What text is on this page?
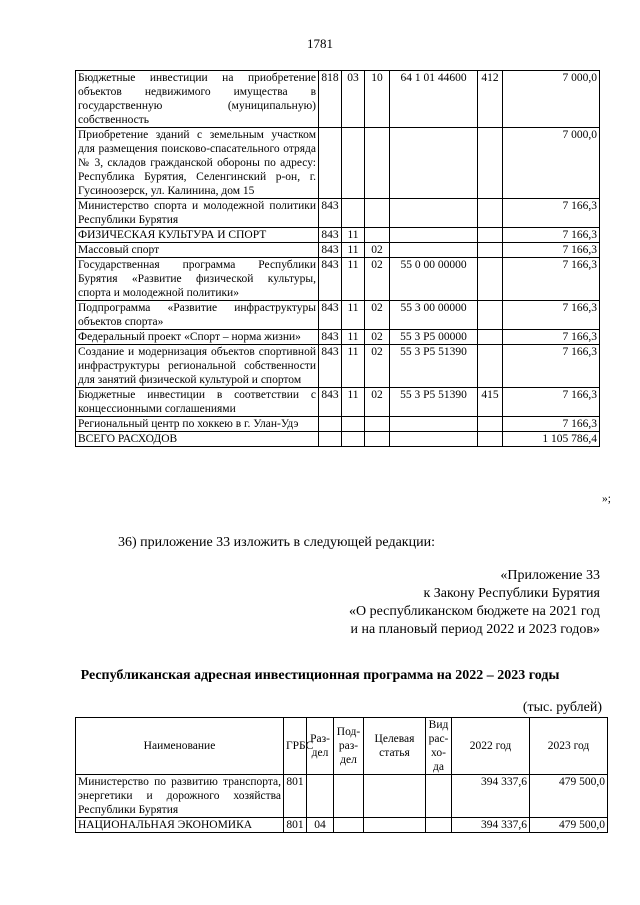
1781
Бюджетные инвестиции на приобретение объектов недвижимого имущества в государственную (муниципальную) собственность	818	03	10	64 1 01 44600	412	7 000,0
Приобретение зданий с земельным участком для размещения поисково-спасательного отряда № 3, складов гражданской обороны по адресу: Республика Бурятия, Селенгинский р-он, г. Гусиноозерск, ул. Калинина, дом 15						7 000,0
Министерство спорта и молодежной политики Республики Бурятия	843					7 166,3
ФИЗИЧЕСКАЯ КУЛЬТУРА И СПОРТ	843	11				7 166,3
Массовый спорт	843	11	02			7 166,3
Государственная программа Республики Бурятия «Развитие физической культуры, спорта и молодежной политики»	843	11	02	55 0 00 00000		7 166,3
Подпрограмма «Развитие инфраструктуры объектов спорта»	843	11	02	55 3 00 00000		7 166,3
Федеральный проект «Спорт – норма жизни»	843	11	02	55 3 P5 00000		7 166,3
Создание и модернизация объектов спортивной инфраструктуры региональной собственности для занятий физической культурой и спортом	843	11	02	55 3 P5 51390		7 166,3
Бюджетные инвестиции в соответствии с концессионными соглашениями	843	11	02	55 3 P5 51390	415	7 166,3
Региональный центр по хоккею в г. Улан-Удэ						7 166,3
ВСЕГО РАСХОДОВ						1 105 786,4
»;
36) приложение 33 изложить в следующей редакции:
«Приложение 33
к Закону Республики Бурятия
«О республиканском бюджете на 2021 год
и на плановый период 2022 и 2023 годов»
Республиканская адресная инвестиционная программа на 2022 – 2023 годы
(тыс. рублей)
Наименование	ГРБС	Раз-дел	Под-раз-дел	Целевая статья	Вид рас-хо-да	2022 год	2023 год
Министерство по развитию транспорта, энергетики и дорожного хозяйства Республики Бурятия	801					394 337,6	479 500,0
НАЦИОНАЛЬНАЯ ЭКОНОМИКА	801	04				394 337,6	479 500,0
